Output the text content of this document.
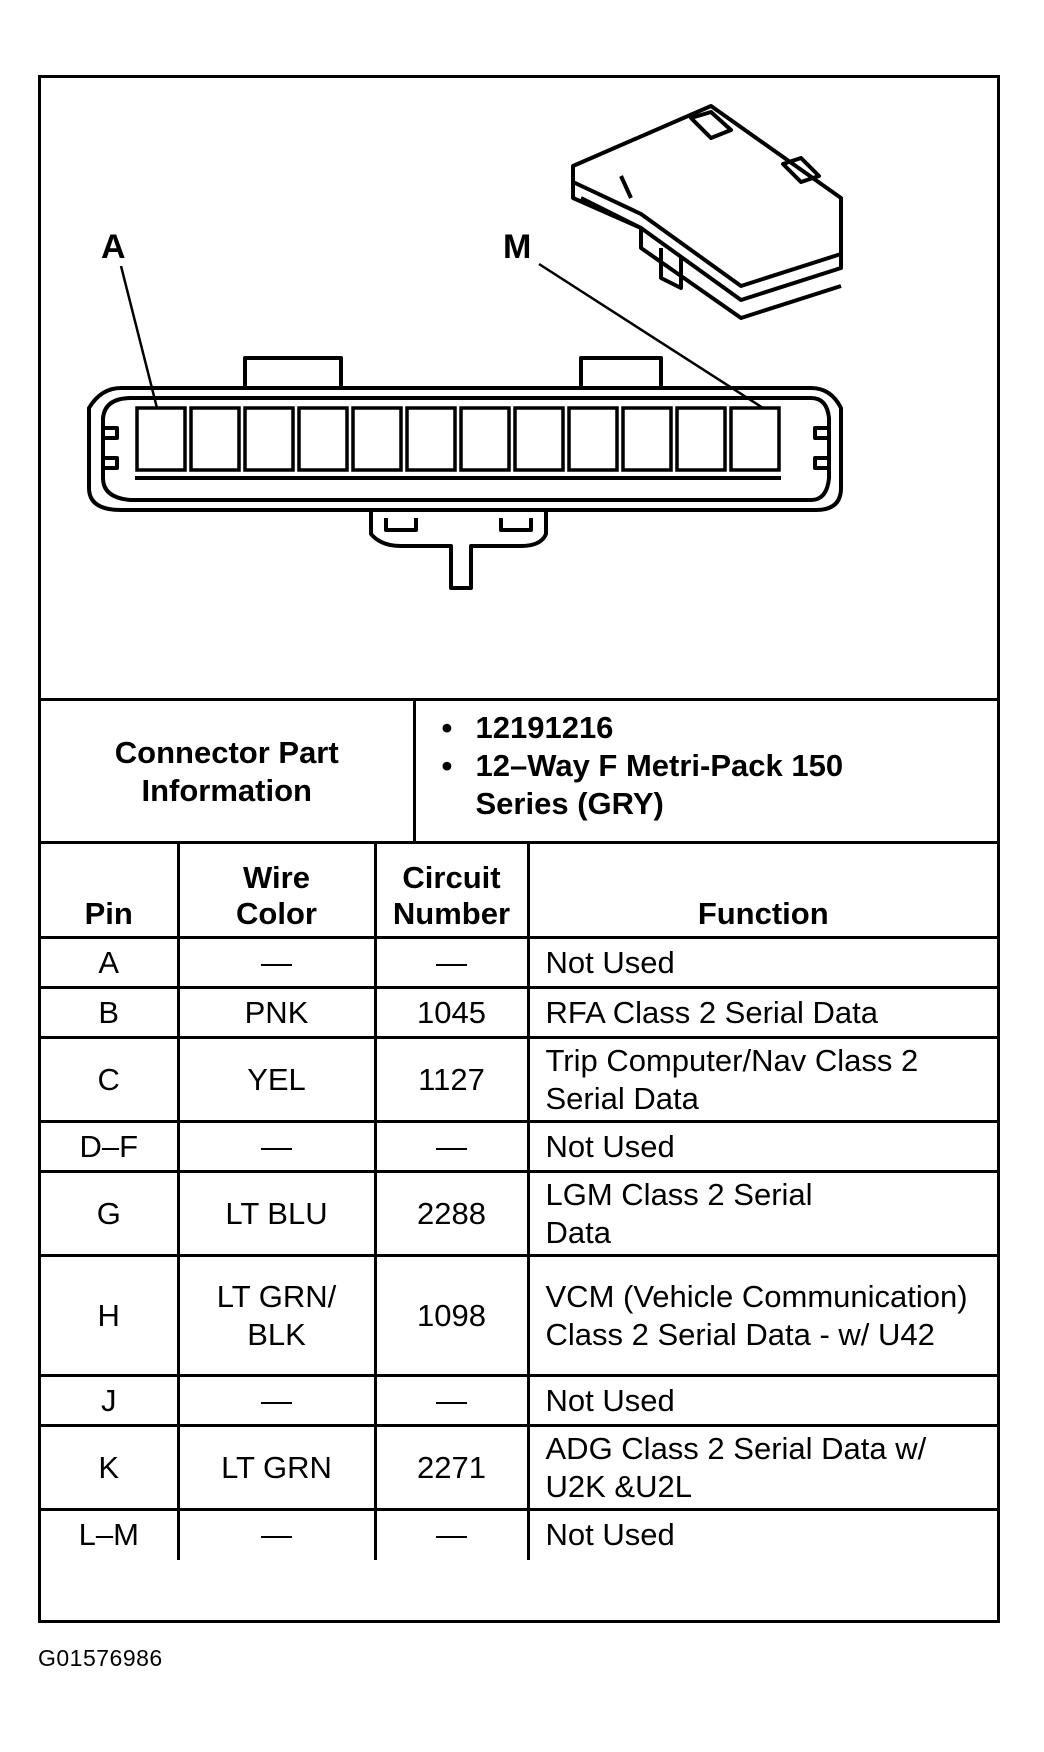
A	M
Connector Part Information	
• 12191216
• 12–Way F Metri-Pack 150 Series (GRY)
Pin	Wire Color	Circuit Number	Function
A	—	—	Not Used
B	PNK	1045	RFA Class 2 Serial Data
C	YEL	1127	Trip Computer/Nav Class 2 Serial Data
D–F	—	—	Not Used
G	LT BLU	2288	LGM Class 2 Serial Data
H	LT GRN/ BLK	1098	VCM (Vehicle Communication) Class 2 Serial Data - w/ U42
J	—	—	Not Used
K	LT GRN	2271	ADG Class 2 Serial Data w/ U2K &U2L
L–M	—	—	Not Used
G01576986
